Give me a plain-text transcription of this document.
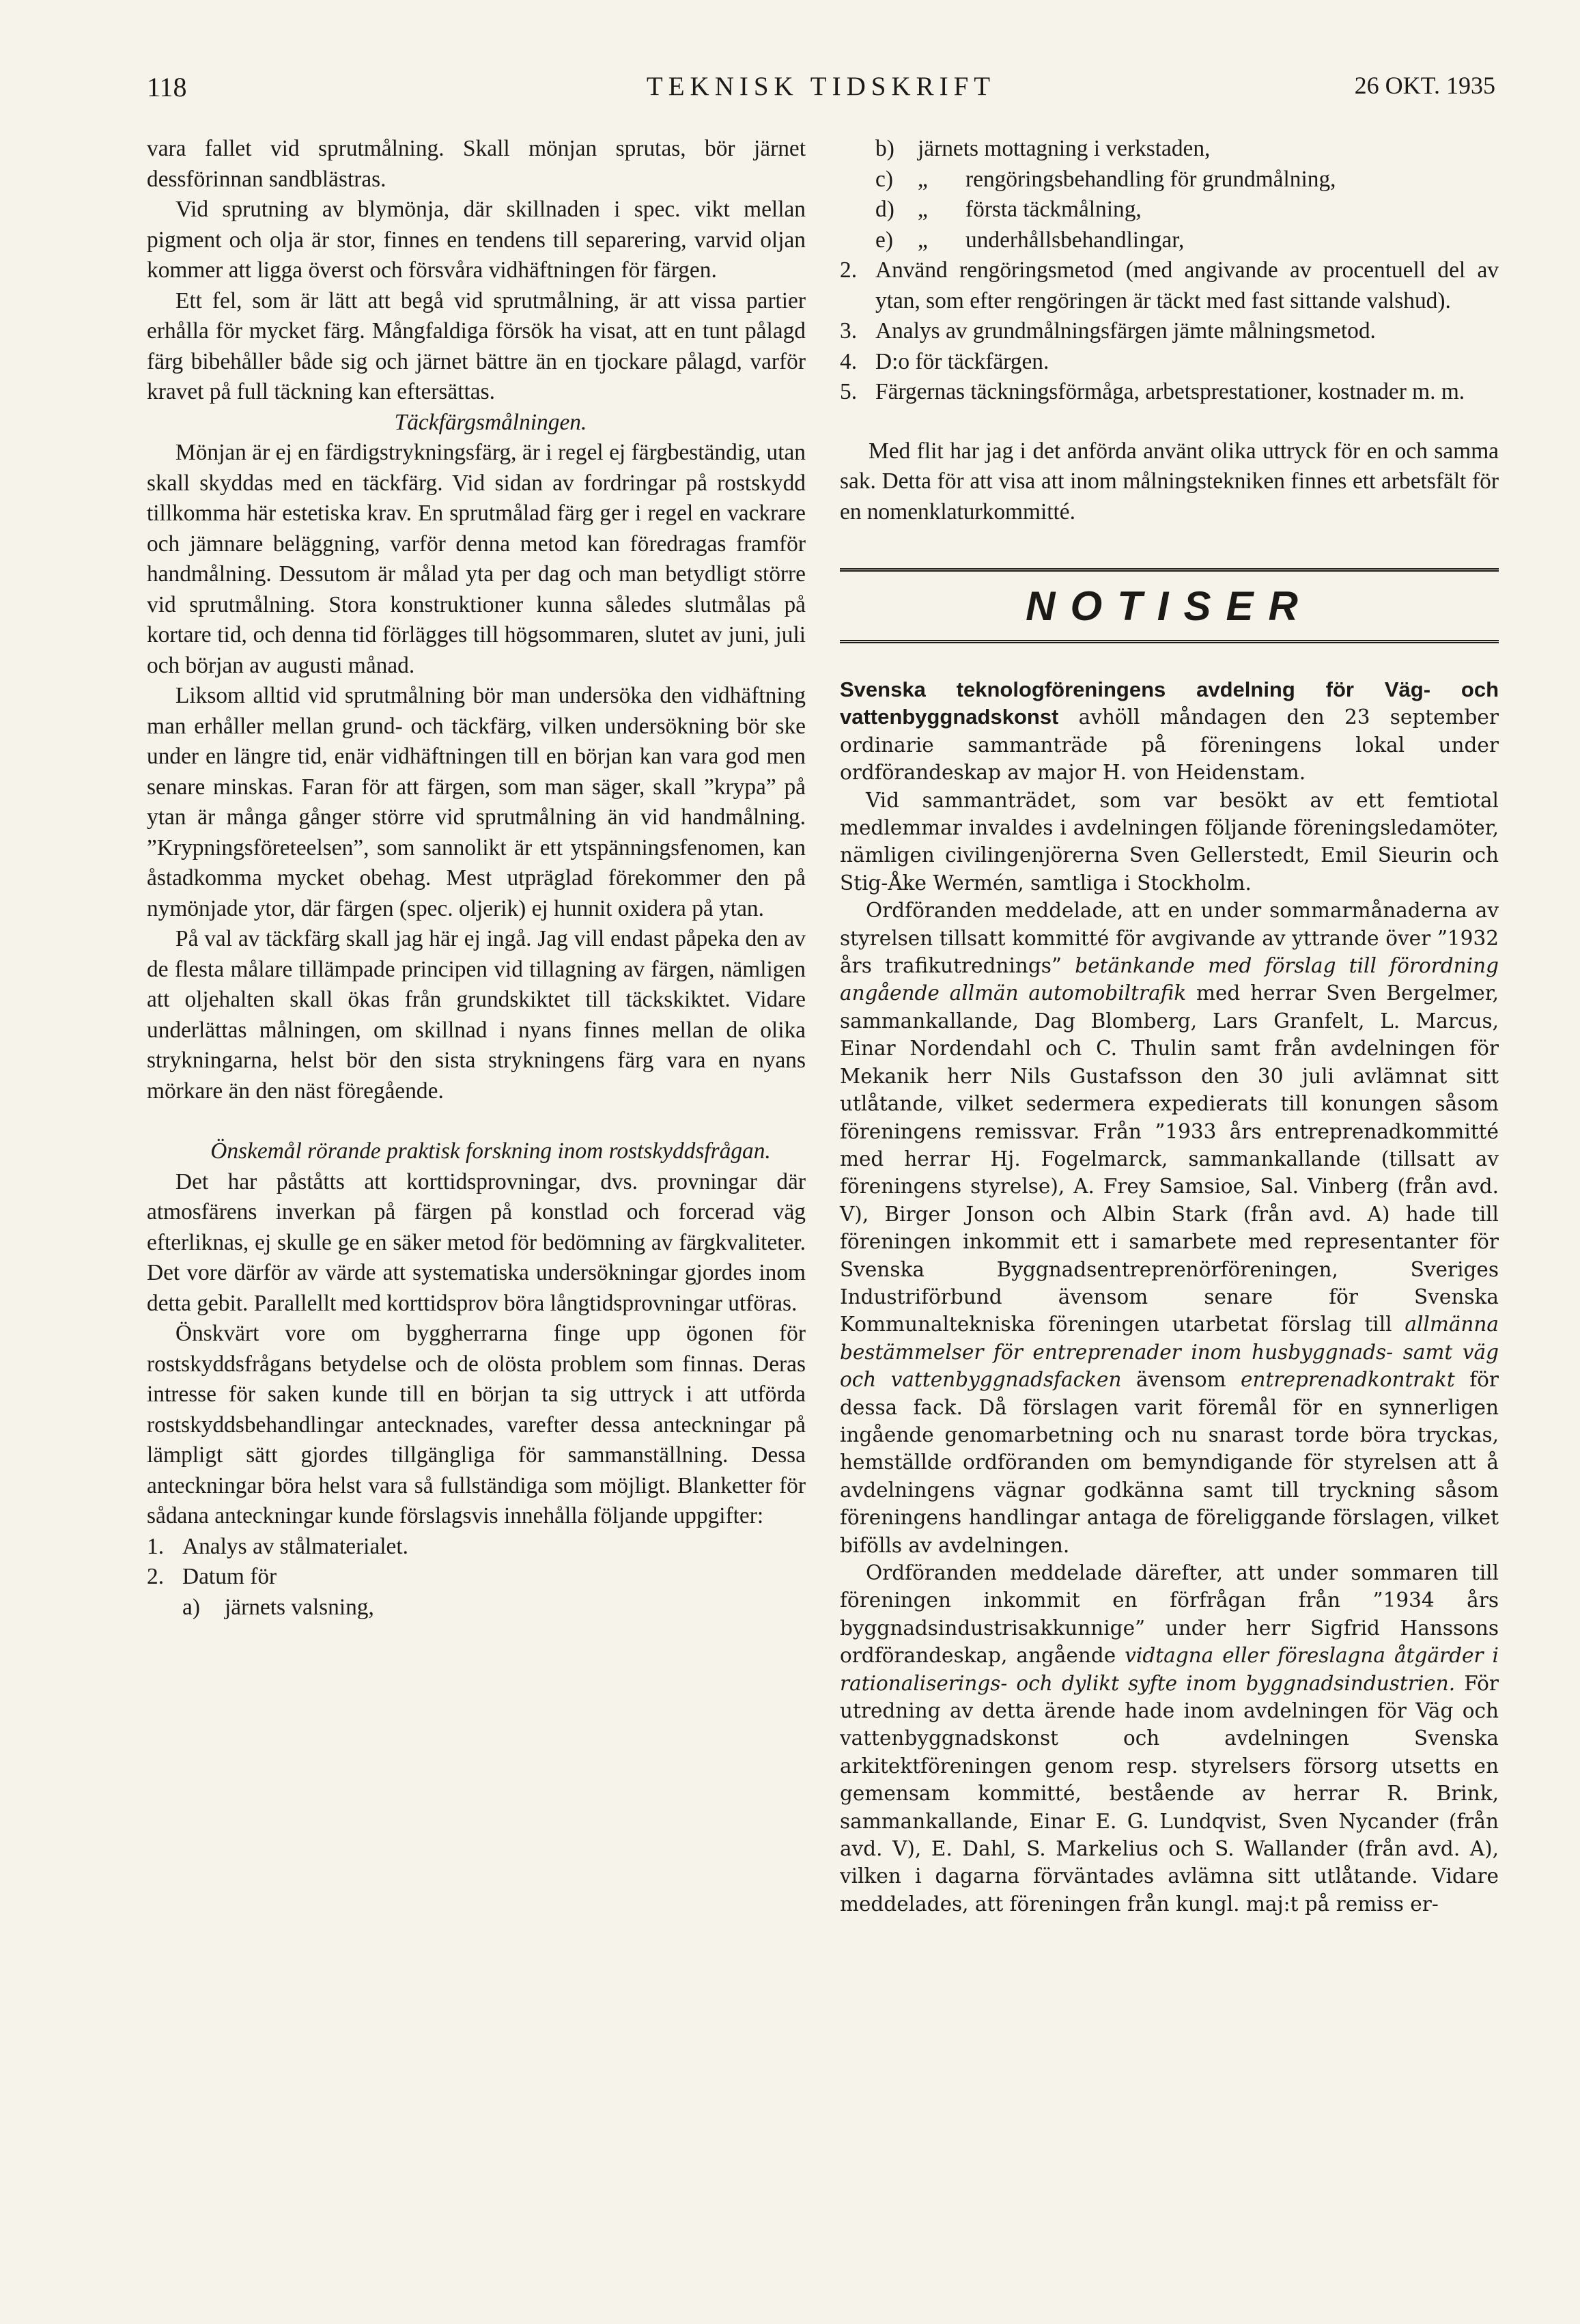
118	TEKNISK TIDSKRIFT	26 OKT. 1935

vara fallet vid sprutmålning. Skall mönjan sprutas, bör järnet dessförinnan sandblästras.

Vid sprutning av blymönja, där skillnaden i spec. vikt mellan pigment och olja är stor, finnes en tendens till separering, varvid oljan kommer att ligga överst och försvåra vidhäftningen för färgen.

Ett fel, som är lätt att begå vid sprutmålning, är att vissa partier erhålla för mycket färg. Mångfaldiga försök ha visat, att en tunt pålagd färg bibehåller både sig och järnet bättre än en tjockare pålagd, varför kravet på full täckning kan eftersättas.

Täckfärgsmålningen.

Mönjan är ej en färdigstrykningsfärg, är i regel ej färgbeständig, utan skall skyddas med en täckfärg. Vid sidan av fordringar på rostskydd tillkomma här estetiska krav. En sprutmålad färg ger i regel en vackrare och jämnare beläggning, varför denna metod kan föredragas framför handmålning. Dessutom är målad yta per dag och man betydligt större vid sprutmålning. Stora konstruktioner kunna således slutmålas på kortare tid, och denna tid förlägges till högsommaren, slutet av juni, juli och början av augusti månad.

Liksom alltid vid sprutmålning bör man undersöka den vidhäftning man erhåller mellan grund- och täckfärg, vilken undersökning bör ske under en längre tid, enär vidhäftningen till en början kan vara god men senare minskas. Faran för att färgen, som man säger, skall ”krypa” på ytan är många gånger större vid sprutmålning än vid handmålning. ”Krypningsföreteelsen”, som sannolikt är ett ytspänningsfenomen, kan åstadkomma mycket obehag. Mest utpräglad förekommer den på nymönjade ytor, där färgen (spec. oljerik) ej hunnit oxidera på ytan.

På val av täckfärg skall jag här ej ingå. Jag vill endast påpeka den av de flesta målare tillämpade principen vid tillagning av färgen, nämligen att oljehalten skall ökas från grundskiktet till täckskiktet. Vidare underlättas målningen, om skillnad i nyans finnes mellan de olika strykningarna, helst bör den sista strykningens färg vara en nyans mörkare än den näst föregående.

Önskemål rörande praktisk forskning inom rostskyddsfrågan.

Det har påståtts att korttidsprovningar, dvs. provningar där atmosfärens inverkan på färgen på konstlad och forcerad väg efterliknas, ej skulle ge en säker metod för bedömning av färgkvaliteter. Det vore därför av värde att systematiska undersökningar gjordes inom detta gebit. Parallellt med korttidsprov böra långtidsprovningar utföras.

Önskvärt vore om byggherrarna finge upp ögonen för rostskyddsfrågans betydelse och de olösta problem som finnas. Deras intresse för saken kunde till en början ta sig uttryck i att utförda rostskyddsbehandlingar antecknades, varefter dessa anteckningar på lämpligt sätt gjordes tillgängliga för sammanställning. Dessa anteckningar böra helst vara så fullständiga som möjligt. Blanketter för sådana anteckningar kunde förslagsvis innehålla följande uppgifter:

1. Analys av stålmaterialet.
2. Datum för
a)	järnets valsning,
b)	järnets mottagning i verkstaden,
c)	„	rengöringsbehandling för grundmålning,
d)	„	första täckmålning,
e)	„	underhållsbehandlingar,
2. Använd rengöringsmetod (med angivande av procentuell del av ytan, som efter rengöringen är täckt med fast sittande valshud).
3. Analys av grundmålningsfärgen jämte målningsmetod.
4. D:o för täckfärgen.
5. Färgernas täckningsförmåga, arbetsprestationer, kostnader m. m.

Med flit har jag i det anförda använt olika uttryck för en och samma sak. Detta för att visa att inom målningstekniken finnes ett arbetsfält för en nomenklaturkommitté.

NOTISER

Svenska teknologföreningens avdelning för Väg- och vattenbyggnadskonst avhöll måndagen den 23 september ordinarie sammanträde på föreningens lokal under ordförandeskap av major H. von Heidenstam.

Vid sammanträdet, som var besökt av ett femtiotal medlemmar invaldes i avdelningen följande föreningsledamöter, nämligen civilingenjörerna Sven Gellerstedt, Emil Sieurin och Stig-Åke Wermén, samtliga i Stockholm.

Ordföranden meddelade, att en under sommarmånaderna av styrelsen tillsatt kommitté för avgivande av yttrande över ”1932 års trafikutrednings” betänkande med förslag till förordning angående allmän automobiltrafik med herrar Sven Bergelmer, sammankallande, Dag Blomberg, Lars Granfelt, L. Marcus, Einar Nordendahl och C. Thulin samt från avdelningen för Mekanik herr Nils Gustafsson den 30 juli avlämnat sitt utlåtande, vilket sedermera expedierats till konungen såsom föreningens remissvar. Från ”1933 års entreprenadkommitté med herrar Hj. Fogelmarck, sammankallande (tillsatt av föreningens styrelse), A. Frey Samsioe, Sal. Vinberg (från avd. V), Birger Jonson och Albin Stark (från avd. A) hade till föreningen inkommit ett i samarbete med representanter för Svenska Byggnadsentreprenörföreningen, Sveriges Industriförbund ävensom senare för Svenska Kommunaltekniska föreningen utarbetat förslag till allmänna bestämmelser för entreprenader inom husbyggnads- samt väg och vattenbyggnadsfacken ävensom entreprenadkontrakt för dessa fack. Då förslagen varit föremål för en synnerligen ingående genomarbetning och nu snarast torde böra tryckas, hemställde ordföranden om bemyndigande för styrelsen att å avdelningens vägnar godkänna samt till tryckning såsom föreningens handlingar antaga de föreliggande förslagen, vilket bifölls av avdelningen.

Ordföranden meddelade därefter, att under sommaren till föreningen inkommit en förfrågan från ”1934 års byggnadsindustrisakkunnige” under herr Sigfrid Hanssons ordförandeskap, angående vidtagna eller föreslagna åtgärder i rationaliserings- och dylikt syfte inom byggnadsindustrien. För utredning av detta ärende hade inom avdelningen för Väg och vattenbyggnadskonst och avdelningen Svenska arkitektföreningen genom resp. styrelsers försorg utsetts en gemensam kommitté, bestående av herrar R. Brink, sammankallande, Einar E. G. Lundqvist, Sven Nycander (från avd. V), E. Dahl, S. Markelius och S. Wallander (från avd. A), vilken i dagarna förväntades avlämna sitt utlåtande. Vidare meddelades, att föreningen från kungl. maj:t på remiss er-
